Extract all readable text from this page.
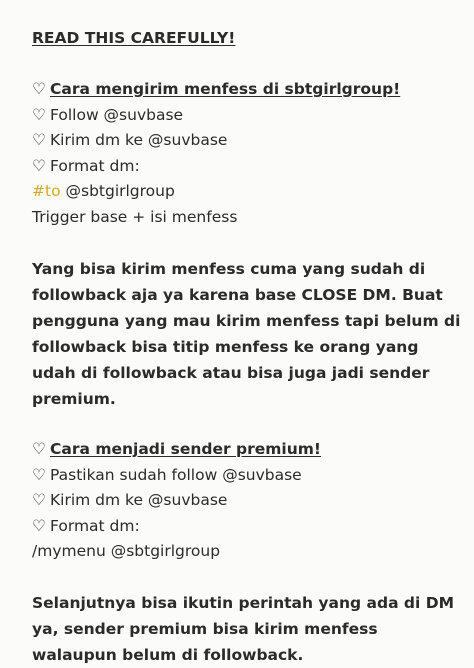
READ THIS CAREFULLY!
♡ Cara mengirim menfess di sbtgirlgroup!
♡ Follow @suvbase
♡ Kirim dm ke @suvbase
♡ Format dm:
#to @sbtgirlgroup
Trigger base + isi menfess
Yang bisa kirim menfess cuma yang sudah di followback aja ya karena base CLOSE DM. Buat pengguna yang mau kirim menfess tapi belum di followback bisa titip menfess ke orang yang udah di followback atau bisa juga jadi sender premium.
♡ Cara menjadi sender premium!
♡ Pastikan sudah follow @suvbase
♡ Kirim dm ke @suvbase
♡ Format dm:
/mymenu @sbtgirlgroup
Selanjutnya bisa ikutin perintah yang ada di DM ya, sender premium bisa kirim menfess walaupun belum di followback.
